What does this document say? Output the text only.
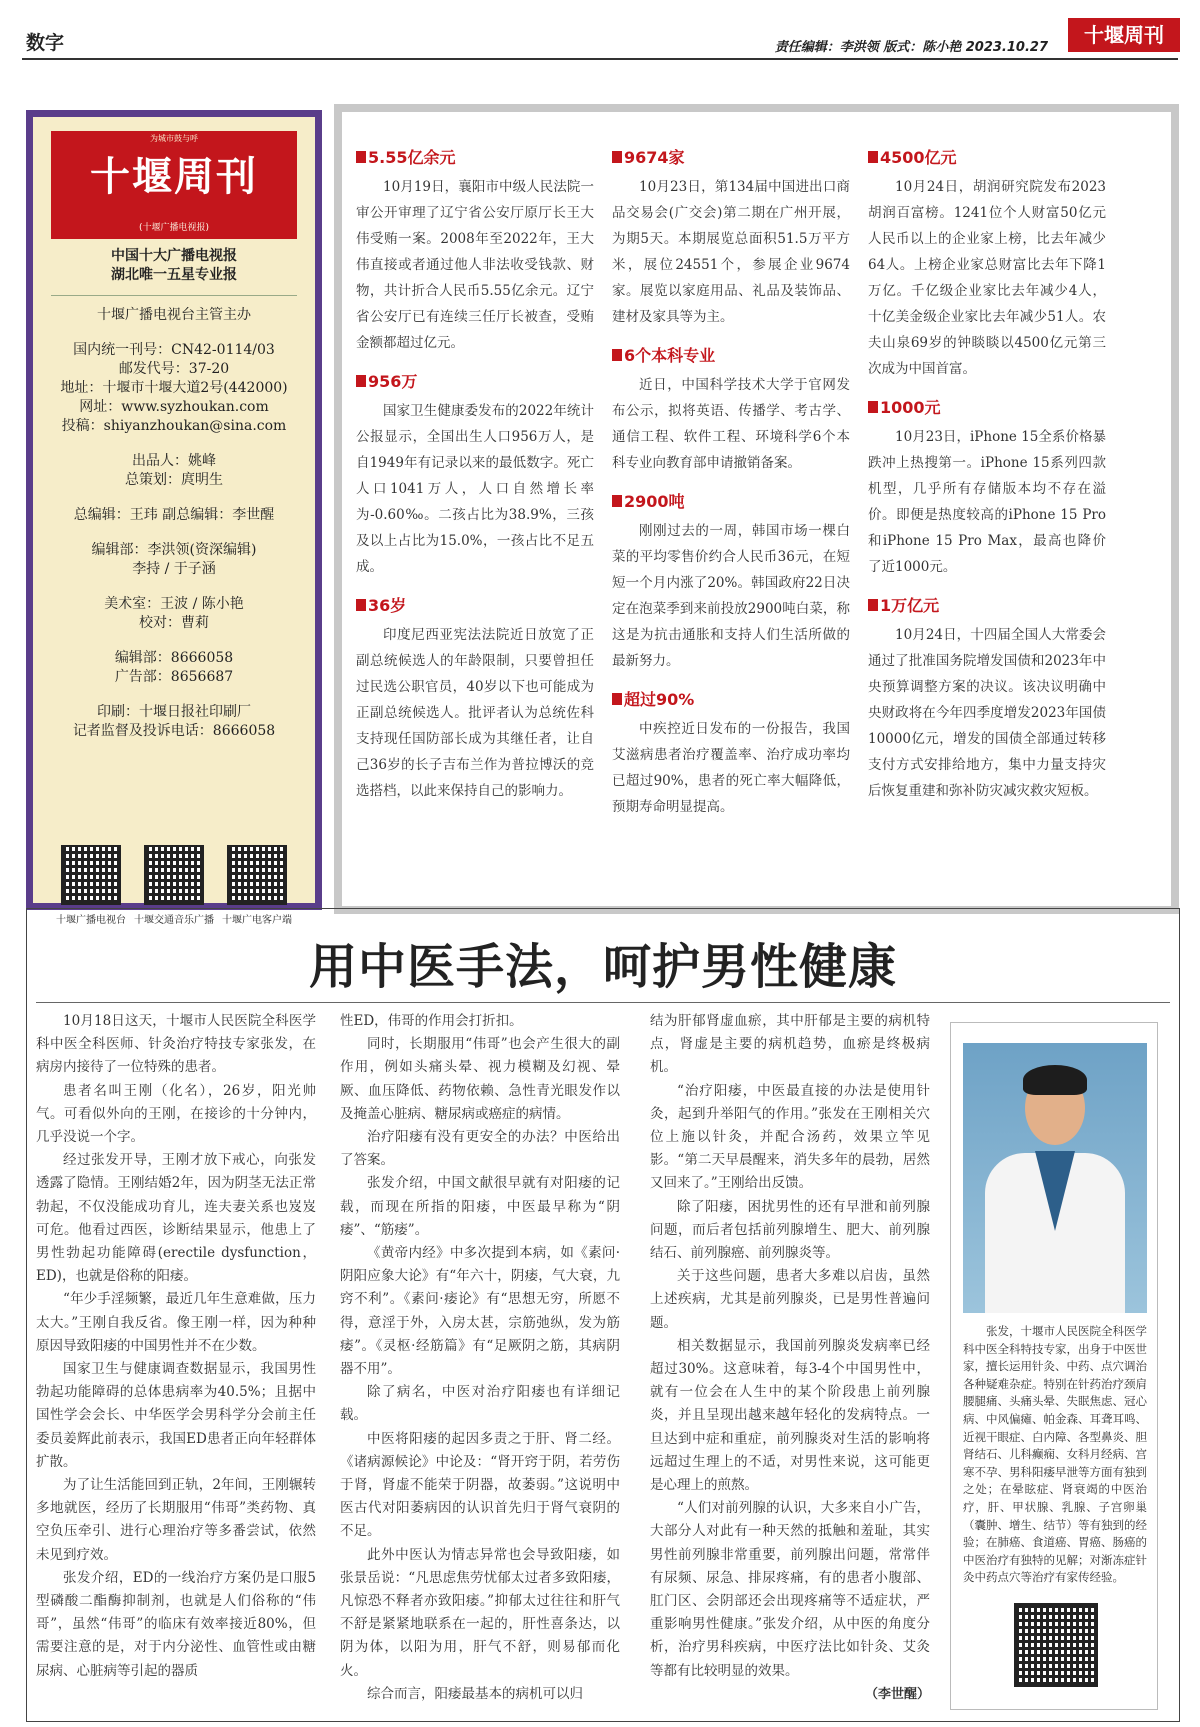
数字	责任编辑：李洪领 版式：陈小艳 2023.10.27
十堰周刊
为城市鼓与呼
十堰周刊
(十堰广播电视报)
中国十大广播电视报
湖北唯一五星专业报
十堰广播电视台主管主办
国内统一刊号：CN42-0114/03
邮发代号：37-20
地址：十堰市十堰大道2号(442000)
网址：www.syzhoukan.com
投稿：shiyanzhoukan@sina.com
出品人：姚峰
总策划：庹明生
总编辑：王玮 副总编辑：李世醒
编辑部：李洪领(资深编辑)
李持 / 于子涵
美术室：王波 / 陈小艳
校对：曹莉
编辑部：8666058
广告部：8656687
印刷：十堰日报社印刷厂
记者监督及投诉电话：8666058
十堰广播电视台 十堰交通音乐广播 十堰广电客户端
5.55亿余元
10月19日，襄阳市中级人民法院一审公开审理了辽宁省公安厅原厅长王大伟受贿一案。2008年至2022年，王大伟直接或者通过他人非法收受钱款、财物，共计折合人民币5.55亿余元。辽宁省公安厅已有连续三任厅长被查，受贿金额都超过亿元。
956万
国家卫生健康委发布的2022年统计公报显示，全国出生人口956万人，是自1949年有记录以来的最低数字。死亡人口1041万人，人口自然增长率为-0.60‰。二孩占比为38.9%，三孩及以上占比为15.0%，一孩占比不足五成。
36岁
印度尼西亚宪法法院近日放宽了正副总统候选人的年龄限制，只要曾担任过民选公职官员，40岁以下也可能成为正副总统候选人。批评者认为总统佐科支持现任国防部长成为其继任者，让自己36岁的长子吉布兰作为普拉博沃的竞选搭档，以此来保持自己的影响力。
9674家
10月23日，第134届中国进出口商品交易会(广交会)第二期在广州开展，为期5天。本期展览总面积51.5万平方米，展位24551个，参展企业9674家。展览以家庭用品、礼品及装饰品、建材及家具等为主。
6个本科专业
近日，中国科学技术大学于官网发布公示，拟将英语、传播学、考古学、通信工程、软件工程、环境科学6个本科专业向教育部申请撤销备案。
2900吨
刚刚过去的一周，韩国市场一棵白菜的平均零售价约合人民币36元，在短短一个月内涨了20%。韩国政府22日决定在泡菜季到来前投放2900吨白菜，称这是为抗击通胀和支持人们生活所做的最新努力。
超过90%
中疾控近日发布的一份报告，我国艾滋病患者治疗覆盖率、治疗成功率均已超过90%，患者的死亡率大幅降低，预期寿命明显提高。
4500亿元
10月24日，胡润研究院发布2023胡润百富榜。1241位个人财富50亿元人民币以上的企业家上榜，比去年减少64人。上榜企业家总财富比去年下降1万亿。千亿级企业家比去年减少4人，十亿美金级企业家比去年减少51人。农夫山泉69岁的钟睒睒以4500亿元第三次成为中国首富。
1000元
10月23日，iPhone 15全系价格暴跌冲上热搜第一。iPhone 15系列四款机型，几乎所有存储版本均不存在溢价。即便是热度较高的iPhone 15 Pro和iPhone 15 Pro Max，最高也降价了近1000元。
1万亿元
10月24日，十四届全国人大常委会通过了批准国务院增发国债和2023年中央预算调整方案的决议。该决议明确中央财政将在今年四季度增发2023年国债10000亿元，增发的国债全部通过转移支付方式安排给地方，集中力量支持灾后恢复重建和弥补防灾减灾救灾短板。
用中医手法，呵护男性健康

10月18日这天，十堰市人民医院全科医学科中医全科医师、针灸治疗特技专家张发，在病房内接待了一位特殊的患者。

患者名叫王刚（化名），26岁，阳光帅气。可看似外向的王刚，在接诊的十分钟内，几乎没说一个字。

经过张发开导，王刚才放下戒心，向张发透露了隐情。王刚结婚2年，因为阴茎无法正常勃起，不仅没能成功育儿，连夫妻关系也岌岌可危。他看过西医，诊断结果显示，他患上了男性勃起功能障碍(erectile dysfunction，ED)，也就是俗称的阳痿。

“年少手淫频繁，最近几年生意难做，压力太大。”王刚自我反省。像王刚一样，因为种种原因导致阳痿的中国男性并不在少数。

国家卫生与健康调查数据显示，我国男性勃起功能障碍的总体患病率为40.5%；且据中国性学会会长、中华医学会男科学分会前主任委员姜辉此前表示，我国ED患者正向年轻群体扩散。

为了让生活能回到正轨，2年间，王刚辗转多地就医，经历了长期服用“伟哥”类药物、真空负压牵引、进行心理治疗等多番尝试，依然未见到疗效。

张发介绍，ED的一线治疗方案仍是口服5型磷酸二酯酶抑制剂，也就是人们俗称的“伟哥”，虽然“伟哥”的临床有效率接近80%，但需要注意的是，对于内分泌性、血管性或由糖尿病、心脏病等引起的器质

性ED，伟哥的作用会打折扣。

同时，长期服用“伟哥”也会产生很大的副作用，例如头痛头晕、视力模糊及幻视、晕厥、血压降低、药物依赖、急性青光眼发作以及掩盖心脏病、糖尿病或癌症的病情。

治疗阳痿有没有更安全的办法？中医给出了答案。

张发介绍，中国文献很早就有对阳痿的记载，而现在所指的阳痿，中医最早称为“阴痿”、“筋痿”。

《黄帝内经》中多次提到本病，如《素问·阴阳应象大论》有“年六十，阴痿，气大衰，九窍不利”。《素问·痿论》有“思想无穷，所愿不得，意淫于外，入房太甚，宗筋弛纵，发为筋痿”。《灵枢·经筋篇》有“足厥阴之筋，其病阴器不用”。

除了病名，中医对治疗阳痿也有详细记载。

中医将阳痿的起因多责之于肝、肾二经。《诸病源候论》中论及：“肾开窍于阴，若劳伤于肾，肾虚不能荣于阴器，故萎弱。”这说明中医古代对阳萎病因的认识首先归于肾气衰阴的不足。

此外中医认为情志异常也会导致阳痿，如张景岳说：“凡思虑焦劳忧郁太过者多致阳痿，凡惊恐不释者亦致阳痿。”抑郁太过往往和肝气不舒是紧紧地联系在一起的，肝性喜条达，以阴为体，以阳为用，肝气不舒，则易郁而化火。

综合而言，阳痿最基本的病机可以归

结为肝郁肾虚血瘀，其中肝郁是主要的病机特点，肾虚是主要的病机趋势，血瘀是终极病机。

“治疗阳痿，中医最直接的办法是使用针灸，起到升举阳气的作用。”张发在王刚相关穴位上施以针灸，并配合汤药，效果立竿见影。“第二天早晨醒来，消失多年的晨勃，居然又回来了。”王刚给出反馈。

除了阳痿，困扰男性的还有早泄和前列腺问题，而后者包括前列腺增生、肥大、前列腺结石、前列腺癌、前列腺炎等。

关于这些问题，患者大多难以启齿，虽然上述疾病，尤其是前列腺炎，已是男性普遍问题。

相关数据显示，我国前列腺炎发病率已经超过30%。这意味着，每3-4个中国男性中，就有一位会在人生中的某个阶段患上前列腺炎，并且呈现出越来越年轻化的发病特点。一旦达到中症和重症，前列腺炎对生活的影响将远超过生理上的不适，对男性来说，这可能更是心理上的煎熬。

“人们对前列腺的认识，大多来自小广告，大部分人对此有一种天然的抵触和羞耻，其实男性前列腺非常重要，前列腺出问题，常常伴有尿频、尿急、排尿疼痛，有的患者小腹部、肛门区、会阴部还会出现疼痛等不适症状，严重影响男性健康。”张发介绍，从中医的角度分析，治疗男科疾病，中医疗法比如针灸、艾灸等都有比较明显的效果。

（李世醒）
张发，十堰市人民医院全科医学科中医全科特技专家，出身于中医世家，擅长运用针灸、中药、点穴调治各种疑难杂症。特别在针药治疗颈肩腰腿痛、头痛头晕、失眠焦虑、冠心病、中风偏瘫、帕金森、耳聋耳鸣、近视干眼症、白内障、各型鼻炎、胆肾结石、儿科癫痫、女科月经病、宫寒不孕、男科阳痿早泄等方面有独到之处；在晕眩症、肾衰竭的中医治疗，肝、甲状腺、乳腺、子宫卵巢（囊肿、增生、结节）等有独到的经验；在肺癌、食道癌、胃癌、肠癌的中医治疗有独特的见解；对渐冻症针灸中药点穴等治疗有家传经验。
